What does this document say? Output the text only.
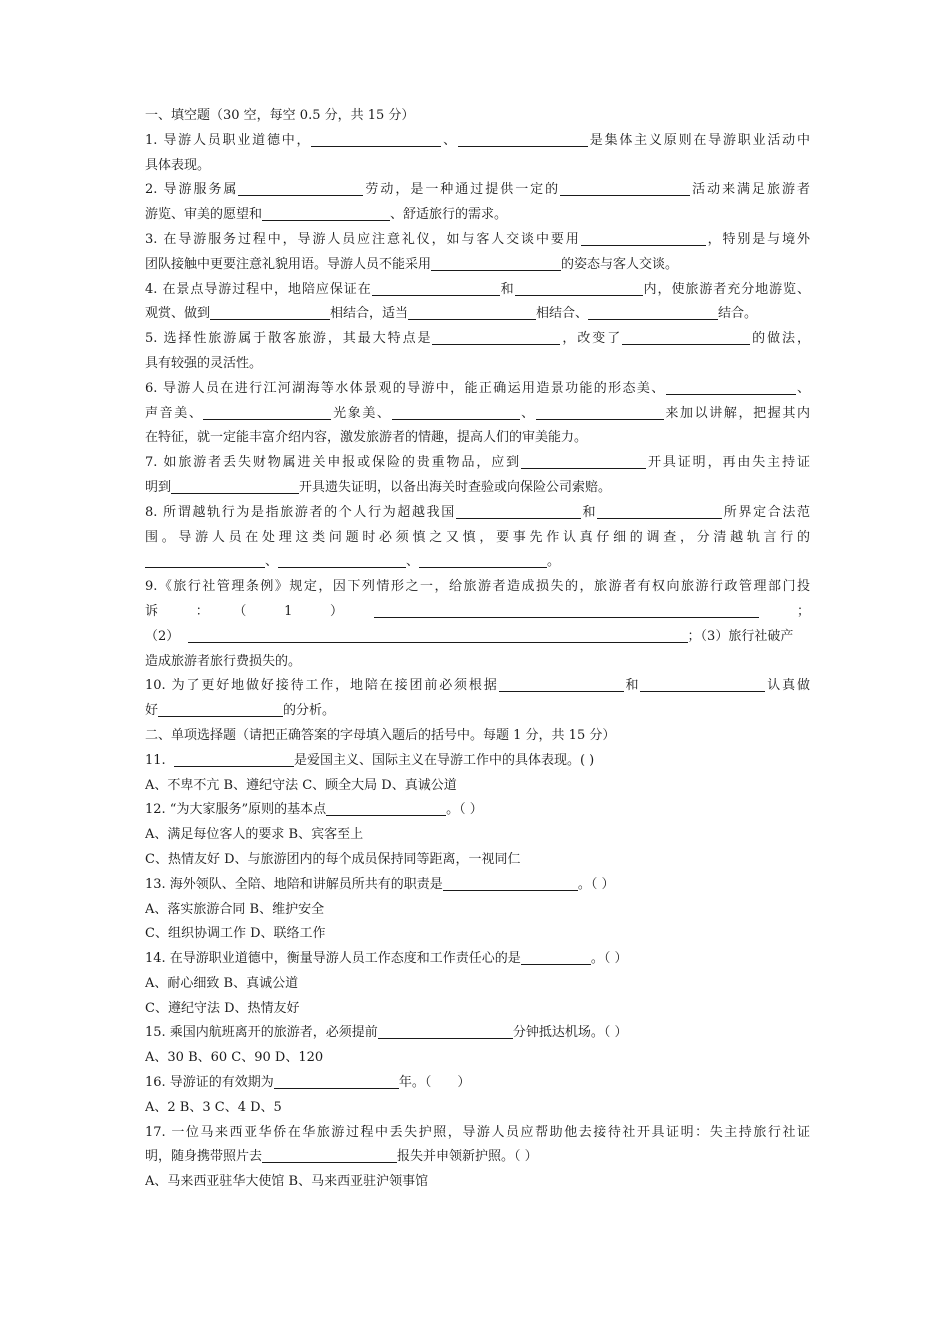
一、填空题（30 空，每空 0.5 分，共 15 分）
1. 导游人员职业道德中，	、	是集体主义原则在导游职业活动中
具体表现。
2. 导游服务属	劳动，是一种通过提供一定的	活动来满足旅游者
游览、审美的愿望和	、舒适旅行的需求。
3. 在导游服务过程中，导游人员应注意礼仪，如与客人交谈中要用	，特别是与境外
团队接触中更要注意礼貌用语。导游人员不能采用	的姿态与客人交谈。
4. 在景点导游过程中，地陪应保证在	和	内，使旅游者充分地游览、
观赏、做到	相结合，适当	相结合、	结合。
5. 选择性旅游属于散客旅游，其最大特点是	，改变了	的做法，
具有较强的灵活性。
6. 导游人员在进行江河湖海等水体景观的导游中，能正确运用造景功能的形态美、	、
声音美、	光象美、	、	来加以讲解，把握其内
在特征，就一定能丰富介绍内容，激发旅游者的情趣，提高人们的审美能力。
7. 如旅游者丢失财物属进关申报或保险的贵重物品，应到	开具证明，再由失主持证
明到	开具遗失证明，以备出海关时查验或向保险公司索赔。
8. 所谓越轨行为是指旅游者的个人行为超越我国	和	所界定合法范
围。导游人员在处理这类问题时必须慎之又慎，要事先作认真仔细的调查，分清越轨言行的
、	、	。
9.《旅行社管理条例》规定，因下列情形之一，给旅游者造成损失的，旅游者有权向旅游行政管理部门投
诉　：　（　1　）　　	；
（2）	；（3）旅行社破产
造成旅游者旅行费损失的。
10. 为了更好地做好接待工作，地陪在接团前必须根据	和	认真做
好	的分析。
二、单项选择题（请把正确答案的字母填入题后的括号中。每题 1 分，共 15 分）
11.	是爱国主义、国际主义在导游工作中的具体表现。( )
A、不卑不亢 B、遵纪守法 C、顾全大局 D、真诚公道
12. “为大家服务”原则的基本点	。（ ）
A、满足每位客人的要求 B、宾客至上
C、热情友好 D、与旅游团内的每个成员保持同等距离，一视同仁
13. 海外领队、全陪、地陪和讲解员所共有的职责是	。（ ）
A、落实旅游合同 B、维护安全
C、组织协调工作 D、联络工作
14. 在导游职业道德中，衡量导游人员工作态度和工作责任心的是	。（ ）
A、耐心细致 B、真诚公道
C、遵纪守法 D、热情友好
15. 乘国内航班离开的旅游者，必须提前	分钟抵达机场。（ ）
A、30 B、60 C、90 D、120
16. 导游证的有效期为	年。（　　）
A、2 B、3 C、4 D、5
17. 一位马来西亚华侨在华旅游过程中丢失护照，导游人员应帮助他去接待社开具证明：失主持旅行社证
明，随身携带照片去	报失并申领新护照。（ ）
A、马来西亚驻华大使馆 B、马来西亚驻沪领事馆
